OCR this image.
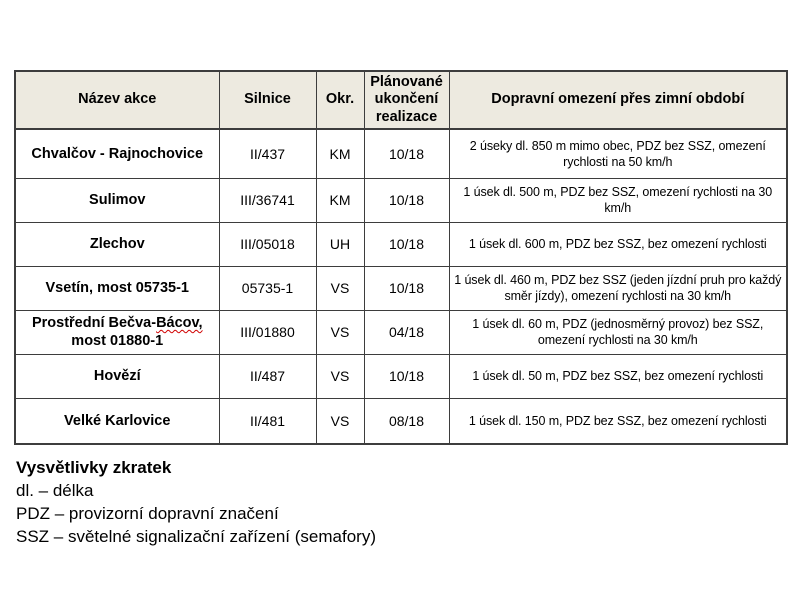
Název akce	Silnice	Okr.	Plánované ukončení realizace	Dopravní omezení přes zimní období
Chvalčov - Rajnochovice	II/437	KM	10/18	2 úseky dl. 850 m mimo obec, PDZ bez SSZ, omezení rychlosti na 50 km/h
Sulimov	III/36741	KM	10/18	1 úsek dl. 500 m, PDZ bez SSZ, omezení rychlosti na 30 km/h
Zlechov	III/05018	UH	10/18	1 úsek dl. 600 m, PDZ bez SSZ, bez omezení rychlosti
Vsetín, most 05735-1	05735-1	VS	10/18	1 úsek dl. 460 m, PDZ bez SSZ (jeden jízdní pruh pro každý směr jízdy), omezení rychlosti na 30 km/h
Prostřední Bečva-Bácov,
most 01880-1	III/01880	VS	04/18	1 úsek dl. 60 m, PDZ (jednosměrný provoz) bez SSZ, omezení rychlosti na 30 km/h
Hovězí	II/487	VS	10/18	1 úsek dl. 50 m, PDZ bez SSZ, bez omezení rychlosti
Velké Karlovice	II/481	VS	08/18	1 úsek dl. 150 m, PDZ bez SSZ, bez omezení rychlosti
Vysvětlivky zkratek
dl. – délka
PDZ – provizorní dopravní značení
SSZ – světelné signalizační zařízení (semafory)
